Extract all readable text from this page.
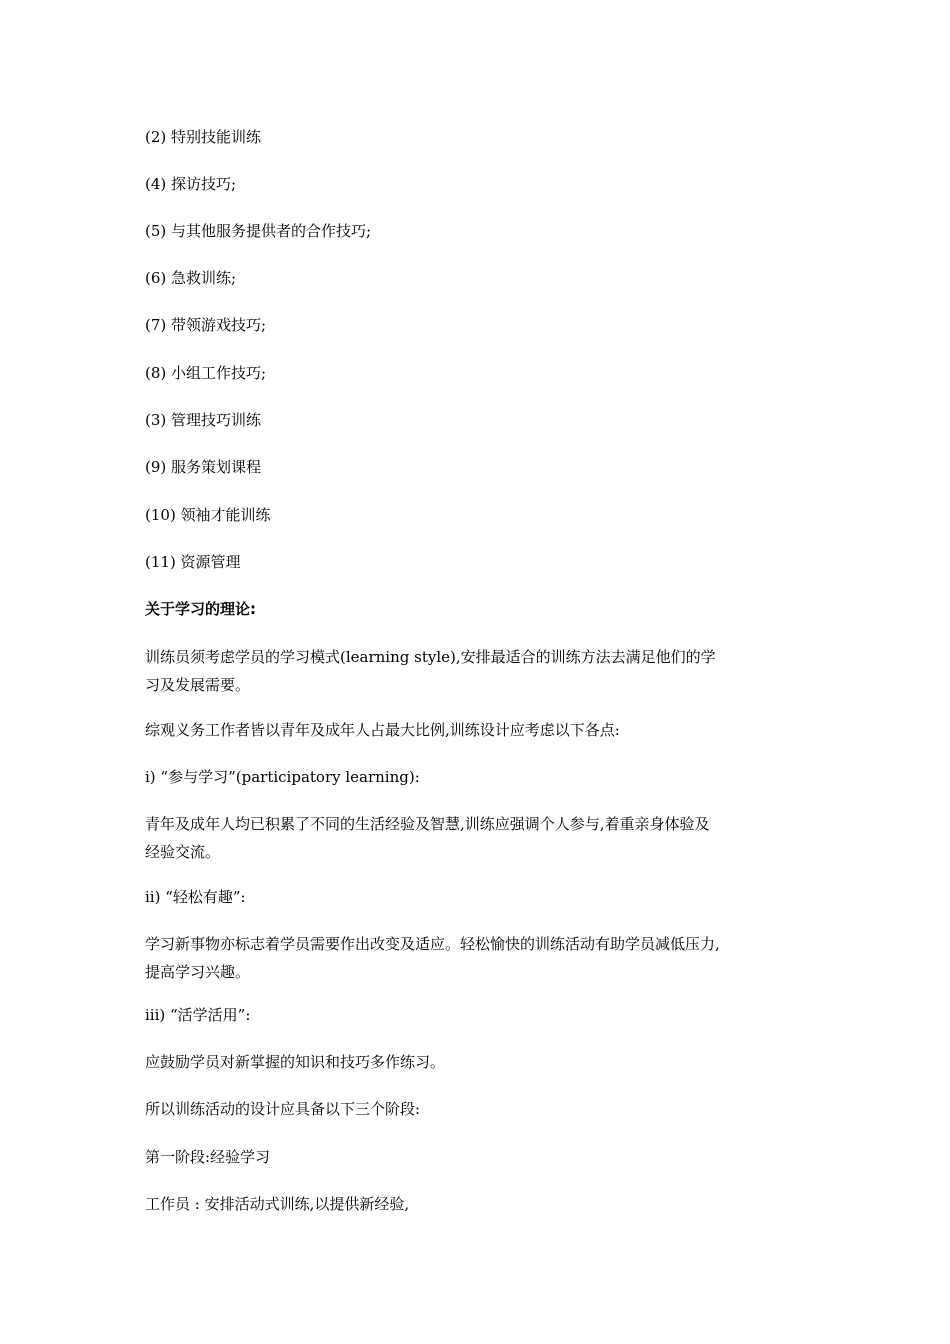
(2) 特别技能训练
(4) 探访技巧;
(5) 与其他服务提供者的合作技巧;
(6) 急救训练;
(7) 带领游戏技巧;
(8) 小组工作技巧;
(3) 管理技巧训练
(9) 服务策划课程
(10) 领袖才能训练
(11) 资源管理
关于学习的理论:
训练员须考虑学员的学习模式(learning style),安排最适合的训练方法去满足他们的学
习及发展需要。
综观义务工作者皆以青年及成年人占最大比例,训练设计应考虑以下各点:
i) “参与学习”(participatory learning):
青年及成年人均已积累了不同的生活经验及智慧,训练应强调个人参与,着重亲身体验及
经验交流。
ii) “轻松有趣”:
学习新事物亦标志着学员需要作出改变及适应。轻松愉快的训练活动有助学员减低压力,
提高学习兴趣。
iii) “活学活用”:
应鼓励学员对新掌握的知识和技巧多作练习。
所以训练活动的设计应具备以下三个阶段:
第一阶段:经验学习
工作员 : 安排活动式训练,以提供新经验,
